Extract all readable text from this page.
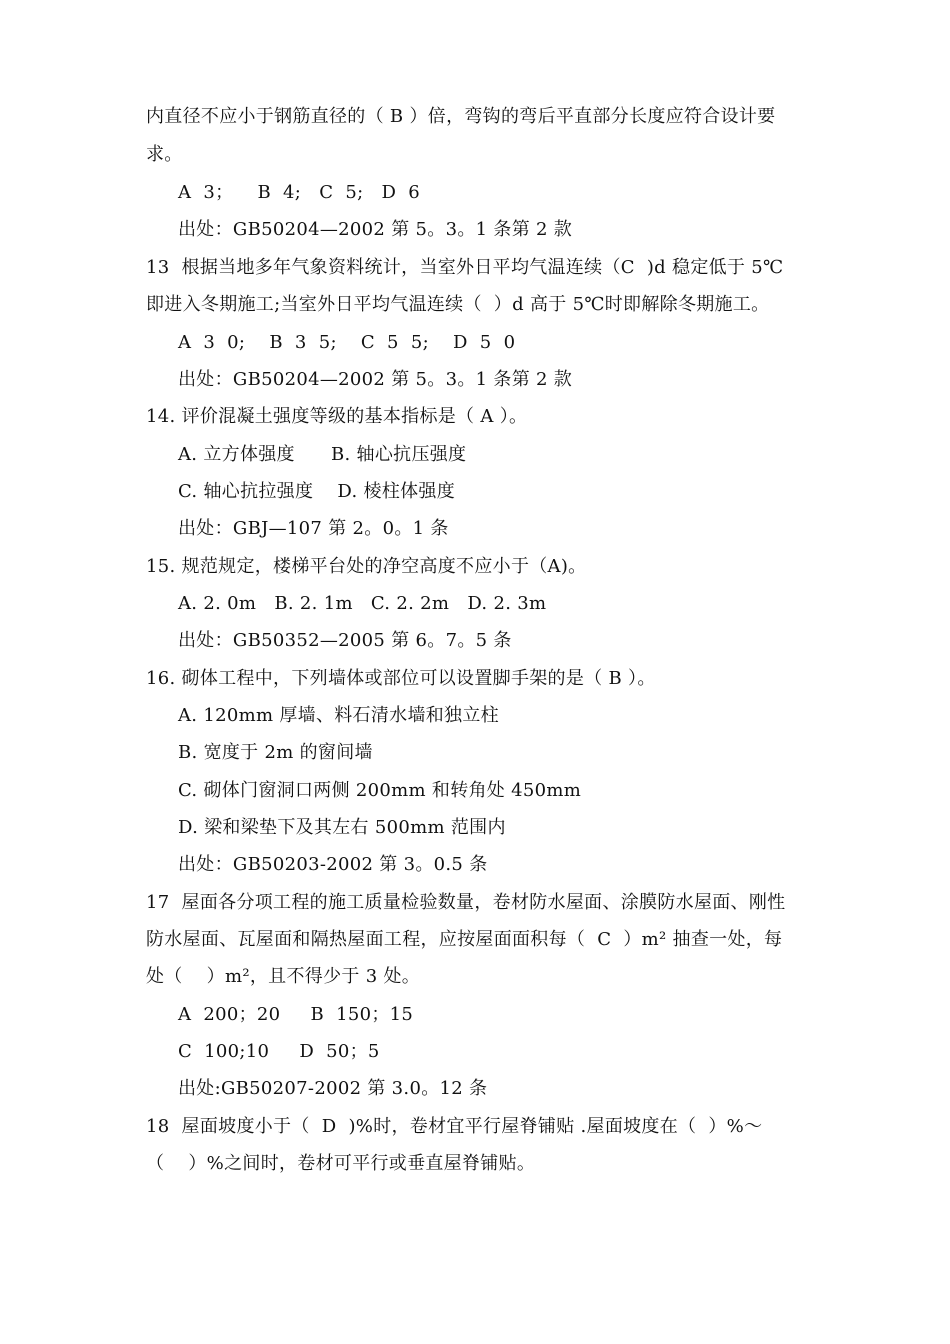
内直径不应小于钢筋直径的（ B ）倍，弯钩的弯后平直部分长度应符合设计要
求。
A  3；    B  4;   C  5;   D  6
出处：GB50204—2002 第 5。3。1 条第 2 款
13  根据当地多年气象资料统计，当室外日平均气温连续（C  )d 稳定低于 5℃
即进入冬期施工;当室外日平均气温连续（  ）d 高于 5℃时即解除冬期施工。
A  3  0;    B  3  5;    C  5  5;    D  5  0
出处：GB50204—2002 第 5。3。1 条第 2 款
14. 评价混凝土强度等级的基本指标是（ A ）。
A. 立方体强度      B. 轴心抗压强度
C. 轴心抗拉强度    D. 棱柱体强度
出处：GBJ—107 第 2。0。1 条
15. 规范规定，楼梯平台处的净空高度不应小于（A)。
A. 2. 0m   B. 2. 1m   C. 2. 2m   D. 2. 3m
出处：GB50352—2005 第 6。7。5 条
16. 砌体工程中，下列墙体或部位可以设置脚手架的是（ B ）。
A. 120mm 厚墙、料石清水墙和独立柱
B. 宽度于 2m 的窗间墙
C. 砌体门窗洞口两侧 200mm 和转角处 450mm
D. 梁和梁垫下及其左右 500mm 范围内
出处：GB50203-2002 第 3。0.5 条
17  屋面各分项工程的施工质量检验数量，卷材防水屋面、涂膜防水屋面、刚性
防水屋面、瓦屋面和隔热屋面工程，应按屋面面积每（  C  ）m² 抽查一处，每
处（    ）m²，且不得少于 3 处。
A  200；20     B  150；15
C  100;10     D  50；5
出处:GB50207-2002 第 3.0。12 条
18  屋面坡度小于（  D  )%时，卷材宜平行屋脊铺贴 .屋面坡度在（  ）%～
（    ）%之间时，卷材可平行或垂直屋脊铺贴。
